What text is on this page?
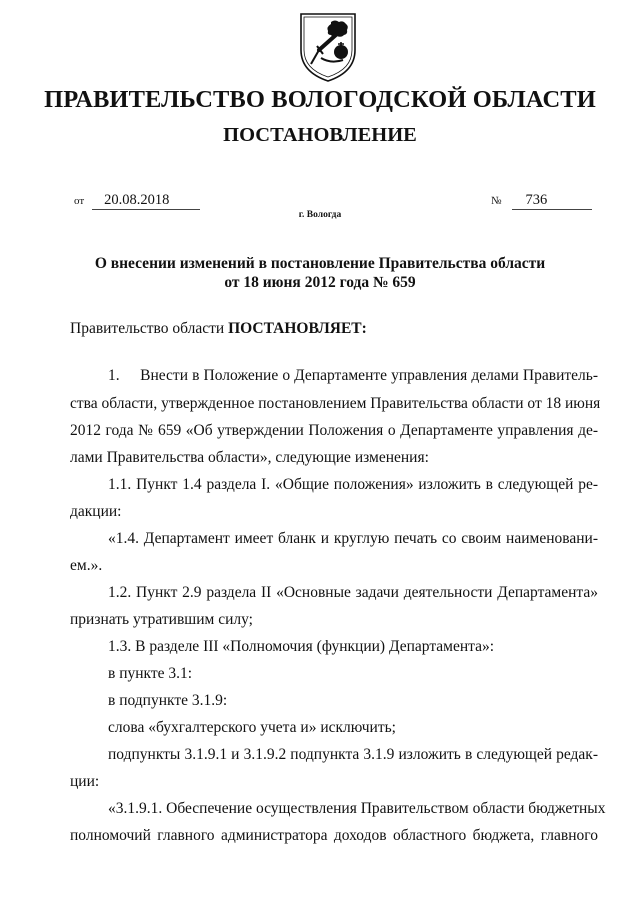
ПРАВИТЕЛЬСТВО ВОЛОГОДСКОЙ ОБЛАСТИ
ПОСТАНОВЛЕНИЕ
от 20.08.2018	№ 736
г. Вологда
О внесении изменений в постановление Правительства области
от 18 июня 2012 года № 659
Правительство области ПОСТАНОВЛЯЕТ:
1.     Внести в Положение о Департаменте управления делами Правитель-
ства области, утвержденное постановлением Правительства области от 18 июня
2012 года № 659 «Об утверждении Положения о Департаменте управления де-
лами Правительства области», следующие изменения:
1.1. Пункт 1.4 раздела I. «Общие положения» изложить в следующей ре-
дакции:
«1.4. Департамент имеет бланк и круглую печать со своим наименовани-
ем.».
1.2. Пункт 2.9 раздела II «Основные задачи деятельности Департамента»
признать утратившим силу;
1.3. В разделе III «Полномочия (функции) Департамента»:
в пункте 3.1:
в подпункте 3.1.9:
слова «бухгалтерского учета и» исключить;
подпункты 3.1.9.1 и 3.1.9.2 подпункта 3.1.9 изложить в следующей редак-
ции:
«3.1.9.1. Обеспечение осуществления Правительством области бюджетных
полномочий главного администратора доходов областного бюджета, главного
